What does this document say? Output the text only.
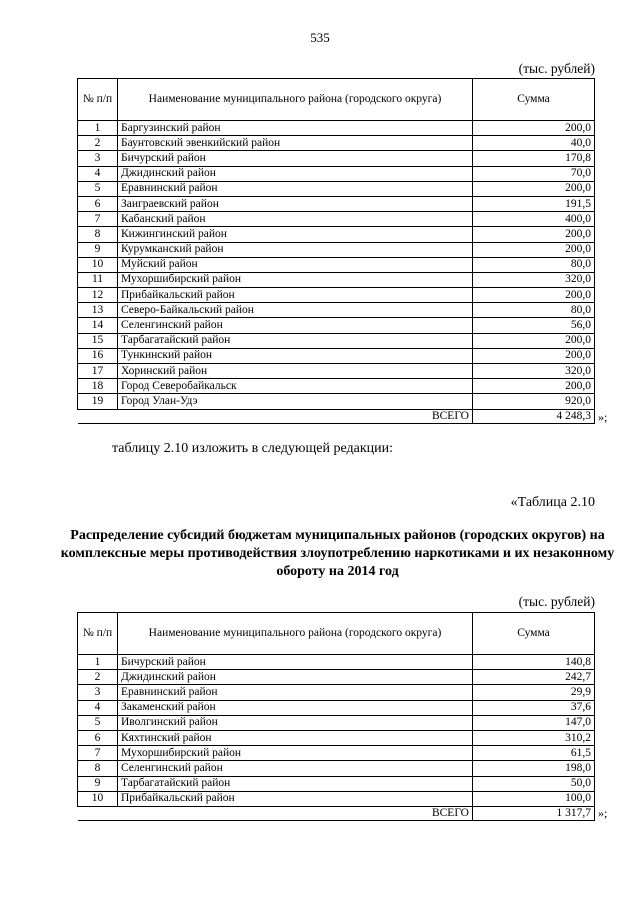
535
(тыс. рублей)
№ п/п	Наименование муниципального района (городского округа)	Сумма
1	Баргузинский район	200,0
2	Баунтовский эвенкийский район	40,0
3	Бичурский район	170,8
4	Джидинский район	70,0
5	Еравнинский район	200,0
6	Заиграевский район	191,5
7	Кабанский район	400,0
8	Кижингинский район	200,0
9	Курумканский район	200,0
10	Муйский район	80,0
11	Мухоршибирский район	320,0
12	Прибайкальский район	200,0
13	Северо-Байкальский район	80,0
14	Селенгинский район	56,0
15	Тарбагатайский район	200,0
16	Тункинский район	200,0
17	Хоринский район	320,0
18	Город Северобайкальск	200,0
19	Город Улан-Удэ	920,0
	ВСЕГО	4 248,3 »;
таблицу 2.10 изложить в следующей редакции:
«Таблица 2.10
Распределение субсидий бюджетам муниципальных районов (городских округов) на комплексные меры противодействия злоупотреблению наркотиками и их незаконному обороту на 2014 год
(тыс. рублей)
№ п/п	Наименование муниципального района (городского округа)	Сумма
1	Бичурский район	140,8
2	Джидинский район	242,7
3	Еравнинский район	29,9
4	Закаменский район	37,6
5	Иволгинский район	147,0
6	Кяхтинский район	310,2
7	Мухоршибирский район	61,5
8	Селенгинский район	198,0
9	Тарбагатайский район	50,0
10	Прибайкальский район	100,0
	ВСЕГО	1 317,7 »;
